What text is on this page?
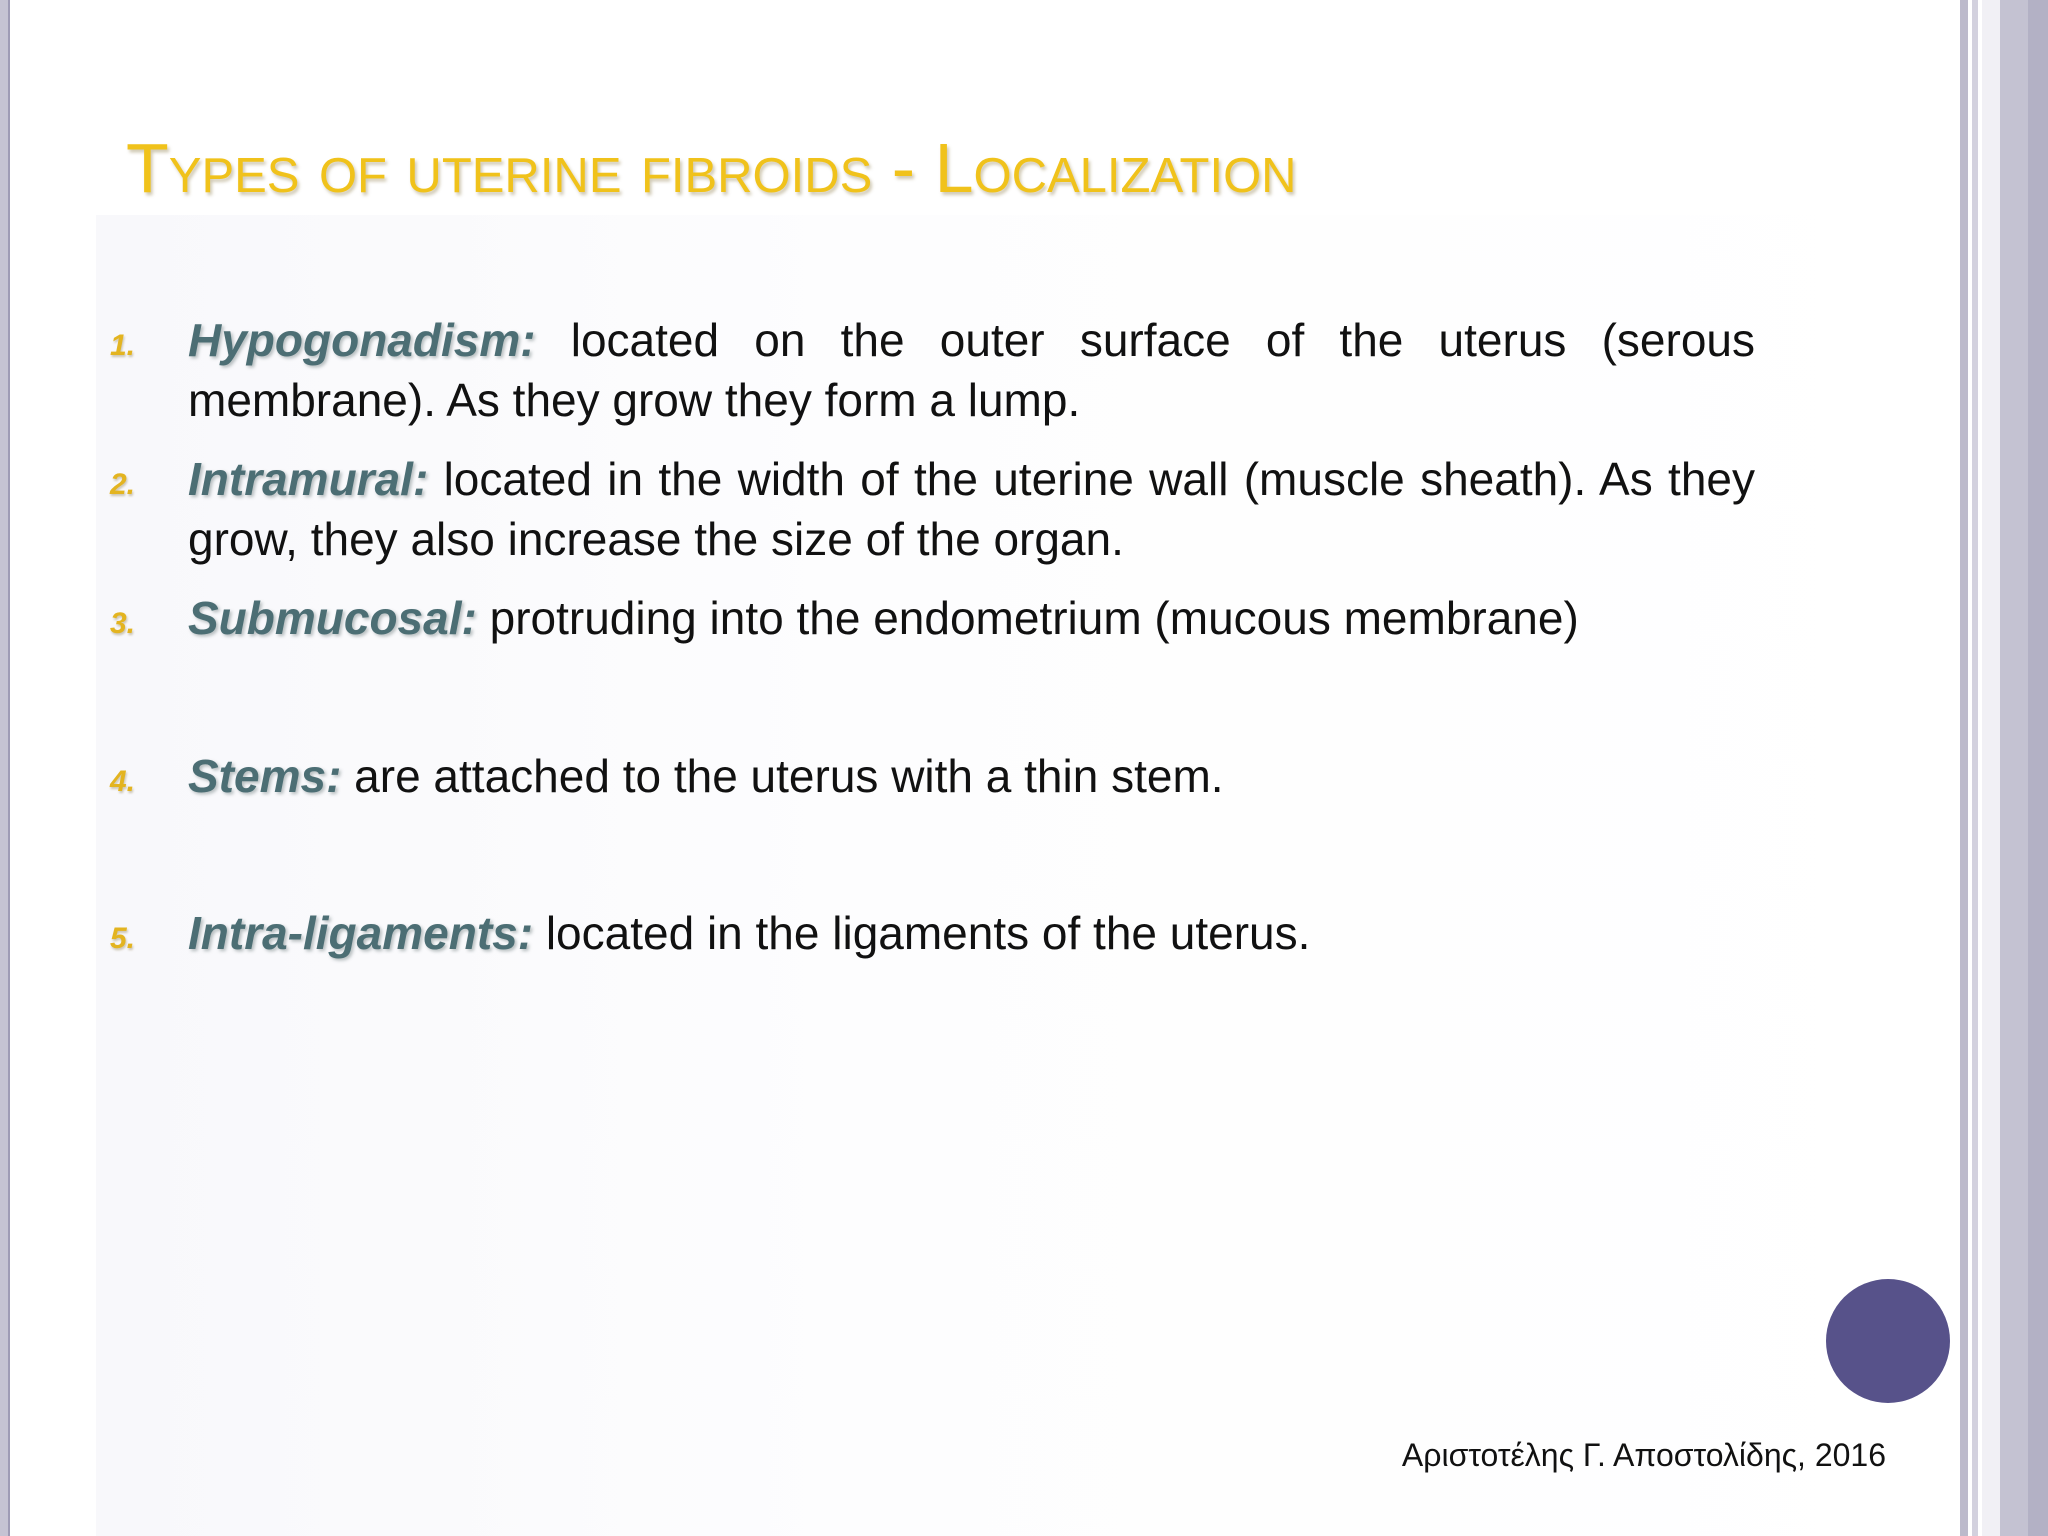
Types of uterine fibroids - Localization
1. Hypogonadism: located on the outer surface of the uterus (serous membrane). As they grow they form a lump.
2. Intramural: located in the width of the uterine wall (muscle sheath). As they grow, they also increase the size of the organ.
3. Submucosal: protruding into the endometrium (mucous membrane)
4. Stems: are attached to the uterus with a thin stem.
5. Intra-ligaments: located in the ligaments of the uterus.
Αριστοτέλης Γ. Αποστολίδης, 2016
